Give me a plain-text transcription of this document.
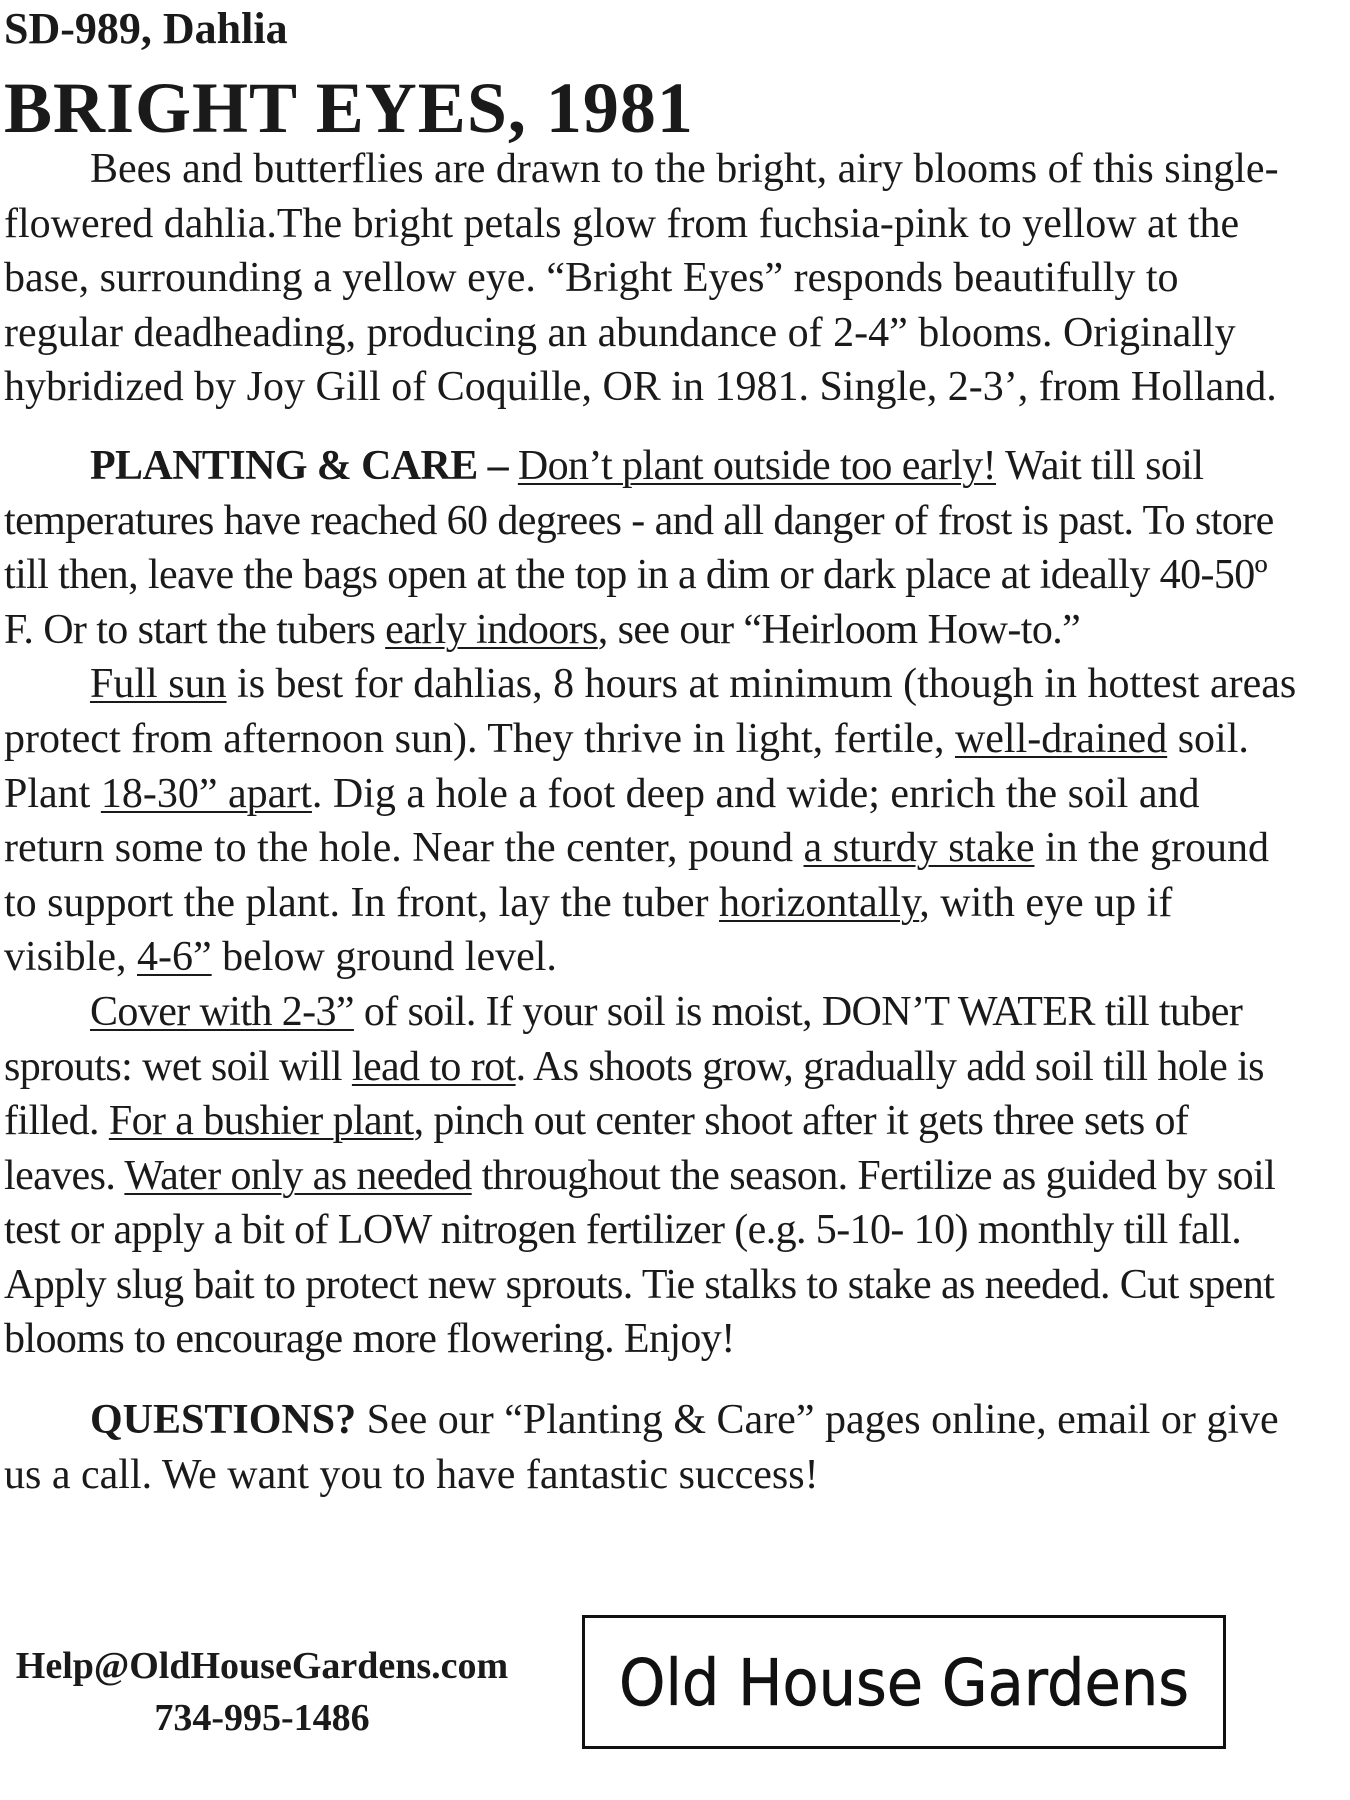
SD-989, Dahlia
BRIGHT EYES, 1981

Bees and butterflies are drawn to the bright, airy blooms of this single-flowered dahlia.The bright petals glow from fuchsia-pink to yellow at the base, surrounding a yellow eye. “Bright Eyes” responds beautifully to regular deadheading, producing an abundance of 2-4” blooms. Originally hybridized by Joy Gill of Coquille, OR in 1981. Single, 2-3’, from Holland.

PLANTING & CARE – Don’t plant outside too early! Wait till soil temperatures have reached 60 degrees - and all danger of frost is past. To store till then, leave the bags open at the top in a dim or dark place at ideally 40-50º F. Or to start the tubers early indoors, see our “Heirloom How-to.”

Full sun is best for dahlias, 8 hours at minimum (though in hottest areas protect from afternoon sun). They thrive in light, fertile, well-drained soil. Plant 18-30” apart. Dig a hole a foot deep and wide; enrich the soil and return some to the hole. Near the center, pound a sturdy stake in the ground to support the plant. In front, lay the tuber horizontally, with eye up if visible, 4-6” below ground level.

Cover with 2-3” of soil. If your soil is moist, DON’T WATER till tuber sprouts: wet soil will lead to rot. As shoots grow, gradually add soil till hole is filled. For a bushier plant, pinch out center shoot after it gets three sets of leaves. Water only as needed throughout the season. Fertilize as guided by soil test or apply a bit of LOW nitrogen fertilizer (e.g. 5-10- 10) monthly till fall. Apply slug bait to protect new sprouts. Tie stalks to stake as needed. Cut spent blooms to encourage more flowering. Enjoy!

QUESTIONS? See our “Planting & Care” pages online, email or give us a call. We want you to have fantastic success!

Help@OldHouseGardens.com
734-995-1486	Old House Gardens
